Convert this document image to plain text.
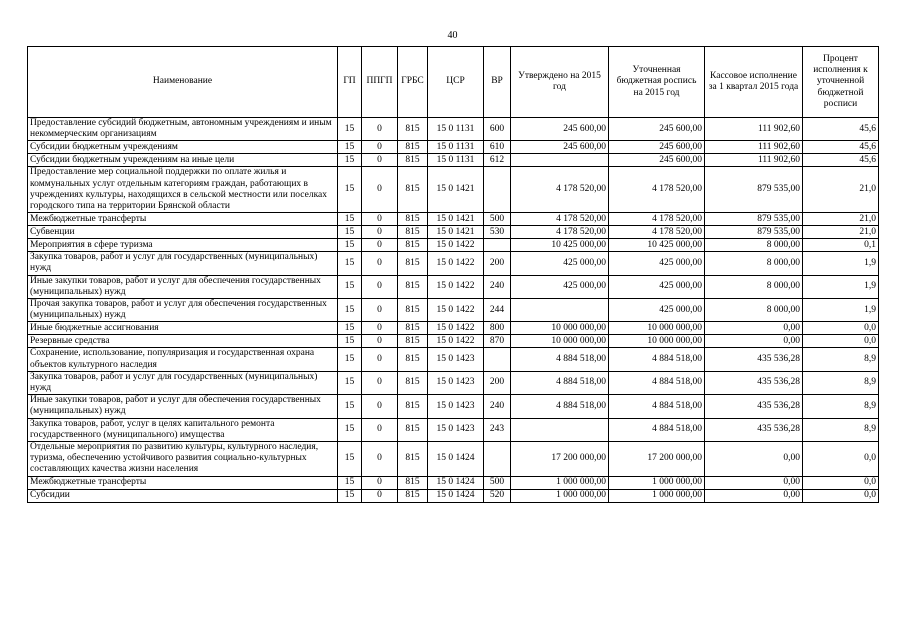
40
Наименование	ГП	ППГП	ГРБС	ЦСР	ВР	Утверждено на 2015 год	Уточненная бюджетная роспись на 2015 год	Кассовое исполнение за 1 квартал 2015 года	Процент исполнения к уточненной бюджетной росписи
Предоставление субсидий бюджетным, автономным учреждениям и иным некоммерческим организациям	15	0	815	15 0 1131	600	245 600,00	245 600,00	111 902,60	45,6
Субсидии бюджетным учреждениям	15	0	815	15 0 1131	610	245 600,00	245 600,00	111 902,60	45,6
Субсидии бюджетным учреждениям на иные цели	15	0	815	15 0 1131	612		245 600,00	111 902,60	45,6
Предоставление мер социальной поддержки по оплате жилья и коммунальных услуг отдельным категориям граждан, работающих в учреждениях культуры, находящихся в сельской местности или поселках городского типа на территории Брянской области	15	0	815	15 0 1421		4 178 520,00	4 178 520,00	879 535,00	21,0
Межбюджетные трансферты	15	0	815	15 0 1421	500	4 178 520,00	4 178 520,00	879 535,00	21,0
Субвенции	15	0	815	15 0 1421	530	4 178 520,00	4 178 520,00	879 535,00	21,0
Мероприятия в сфере туризма	15	0	815	15 0 1422		10 425 000,00	10 425 000,00	8 000,00	0,1
Закупка товаров, работ и услуг для государственных (муниципальных) нужд	15	0	815	15 0 1422	200	425 000,00	425 000,00	8 000,00	1,9
Иные закупки товаров, работ и услуг для обеспечения государственных (муниципальных) нужд	15	0	815	15 0 1422	240	425 000,00	425 000,00	8 000,00	1,9
Прочая закупка товаров, работ и услуг для обеспечения государственных (муниципальных) нужд	15	0	815	15 0 1422	244		425 000,00	8 000,00	1,9
Иные бюджетные ассигнования	15	0	815	15 0 1422	800	10 000 000,00	10 000 000,00	0,00	0,0
Резервные средства	15	0	815	15 0 1422	870	10 000 000,00	10 000 000,00	0,00	0,0
Сохранение, использование, популяризация и государственная охрана объектов культурного наследия	15	0	815	15 0 1423		4 884 518,00	4 884 518,00	435 536,28	8,9
Закупка товаров, работ и услуг для государственных (муниципальных) нужд	15	0	815	15 0 1423	200	4 884 518,00	4 884 518,00	435 536,28	8,9
Иные закупки товаров, работ и услуг для обеспечения государственных (муниципальных) нужд	15	0	815	15 0 1423	240	4 884 518,00	4 884 518,00	435 536,28	8,9
Закупка товаров, работ, услуг в целях капитального ремонта государственного (муниципального) имущества	15	0	815	15 0 1423	243		4 884 518,00	435 536,28	8,9
Отдельные мероприятия по развитию культуры, культурного наследия, туризма, обеспечению устойчивого развития социально-культурных составляющих качества жизни населения	15	0	815	15 0 1424		17 200 000,00	17 200 000,00	0,00	0,0
Межбюджетные трансферты	15	0	815	15 0 1424	500	1 000 000,00	1 000 000,00	0,00	0,0
Субсидии	15	0	815	15 0 1424	520	1 000 000,00	1 000 000,00	0,00	0,0
